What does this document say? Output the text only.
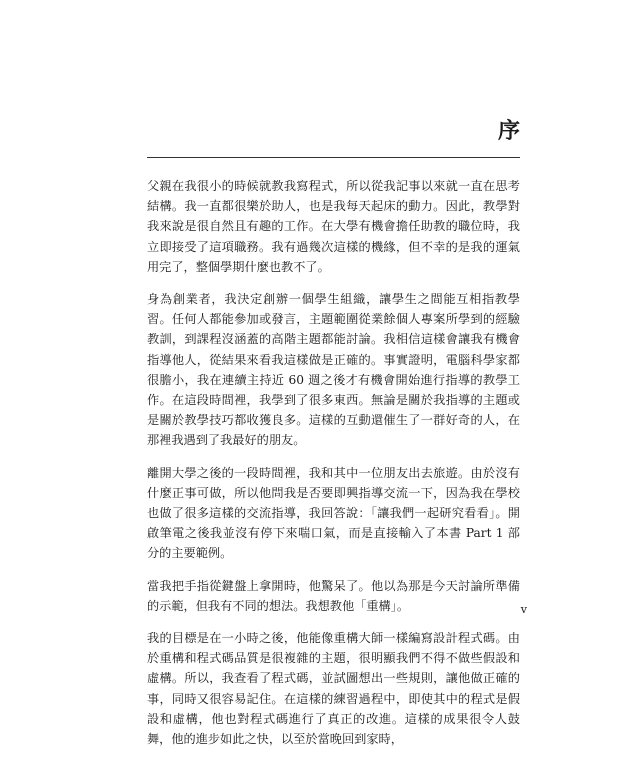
序

父親在我很小的時候就教我寫程式，所以從我記事以來就一直在思考結構。我一直都很樂於助人，也是我每天起床的動力。因此，教學對我來說是很自然且有趣的工作。在大學有機會擔任助教的職位時，我立即接受了這項職務。我有過幾次這樣的機緣，但不幸的是我的運氣用完了，整個學期什麼也教不了。

身為創業者，我決定創辦一個學生組織，讓學生之間能互相指教學習。任何人都能參加或發言，主題範圍從業餘個人專案所學到的經驗教訓，到課程沒涵蓋的高階主題都能討論。我相信這樣會讓我有機會指導他人，從結果來看我這樣做是正確的。事實證明，電腦科學家都很膽小，我在連續主持近 60 週之後才有機會開始進行指導的教學工作。在這段時間裡，我學到了很多東西。無論是關於我指導的主題或是關於教學技巧都收獲良多。這樣的互動還催生了一群好奇的人，在那裡我遇到了我最好的朋友。

離開大學之後的一段時間裡，我和其中一位朋友出去旅遊。由於沒有什麼正事可做，所以他問我是否要即興指導交流一下，因為我在學校也做了很多這樣的交流指導，我回答說：「讓我們一起研究看看」。開啟筆電之後我並沒有停下來喘口氣，而是直接輸入了本書 Part 1 部分的主要範例。

當我把手指從鍵盤上拿開時，他驚呆了。他以為那是今天討論所準備的示範，但我有不同的想法。我想教他「重構」。

我的目標是在一小時之後，他能像重構大師一樣編寫設計程式碼。由於重構和程式碼品質是很複雜的主題，很明顯我們不得不做些假設和虛構。所以，我查看了程式碼，並試圖想出一些規則，讓他做正確的事，同時又很容易記住。在這樣的練習過程中，即使其中的程式是假設和虛構，他也對程式碼進行了真正的改進。這樣的成果很令人鼓舞，他的進步如此之快，以至於當晚回到家時，

v
